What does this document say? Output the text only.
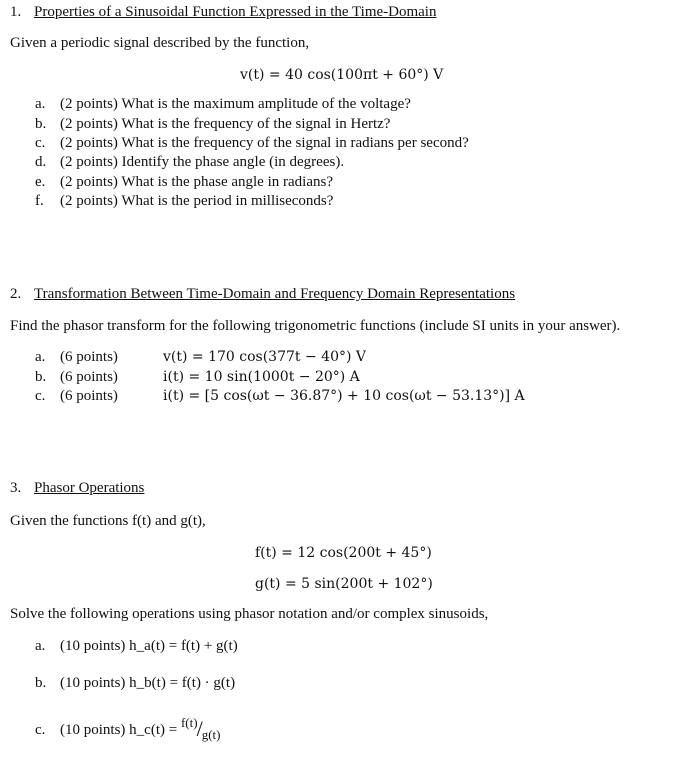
1. Properties of a Sinusoidal Function Expressed in the Time-Domain
Given a periodic signal described by the function,
v(t) = 40 cos(100πt + 60°) V
a. (2 points) What is the maximum amplitude of the voltage?
b. (2 points) What is the frequency of the signal in Hertz?
c. (2 points) What is the frequency of the signal in radians per second?
d. (2 points) Identify the phase angle (in degrees).
e. (2 points) What is the phase angle in radians?
f. (2 points) What is the period in milliseconds?
2. Transformation Between Time-Domain and Frequency Domain Representations
Find the phasor transform for the following trigonometric functions (include SI units in your answer).
a. (6 points)	v(t) = 170 cos(377t − 40°) V
b. (6 points)	i(t) = 10 sin(1000t − 20°) A
c. (6 points)	i(t) = [5 cos(ωt − 36.87°) + 10 cos(ωt − 53.13°)] A
3. Phasor Operations
Given the functions f(t) and g(t),
f(t) = 12 cos(200t + 45°)
g(t) = 5 sin(200t + 102°)
Solve the following operations using phasor notation and/or complex sinusoids,
a. (10 points) h_a(t) = f(t) + g(t)
b. (10 points) h_b(t) = f(t) · g(t)
c. (10 points) h_c(t) = f(t)/g(t)
